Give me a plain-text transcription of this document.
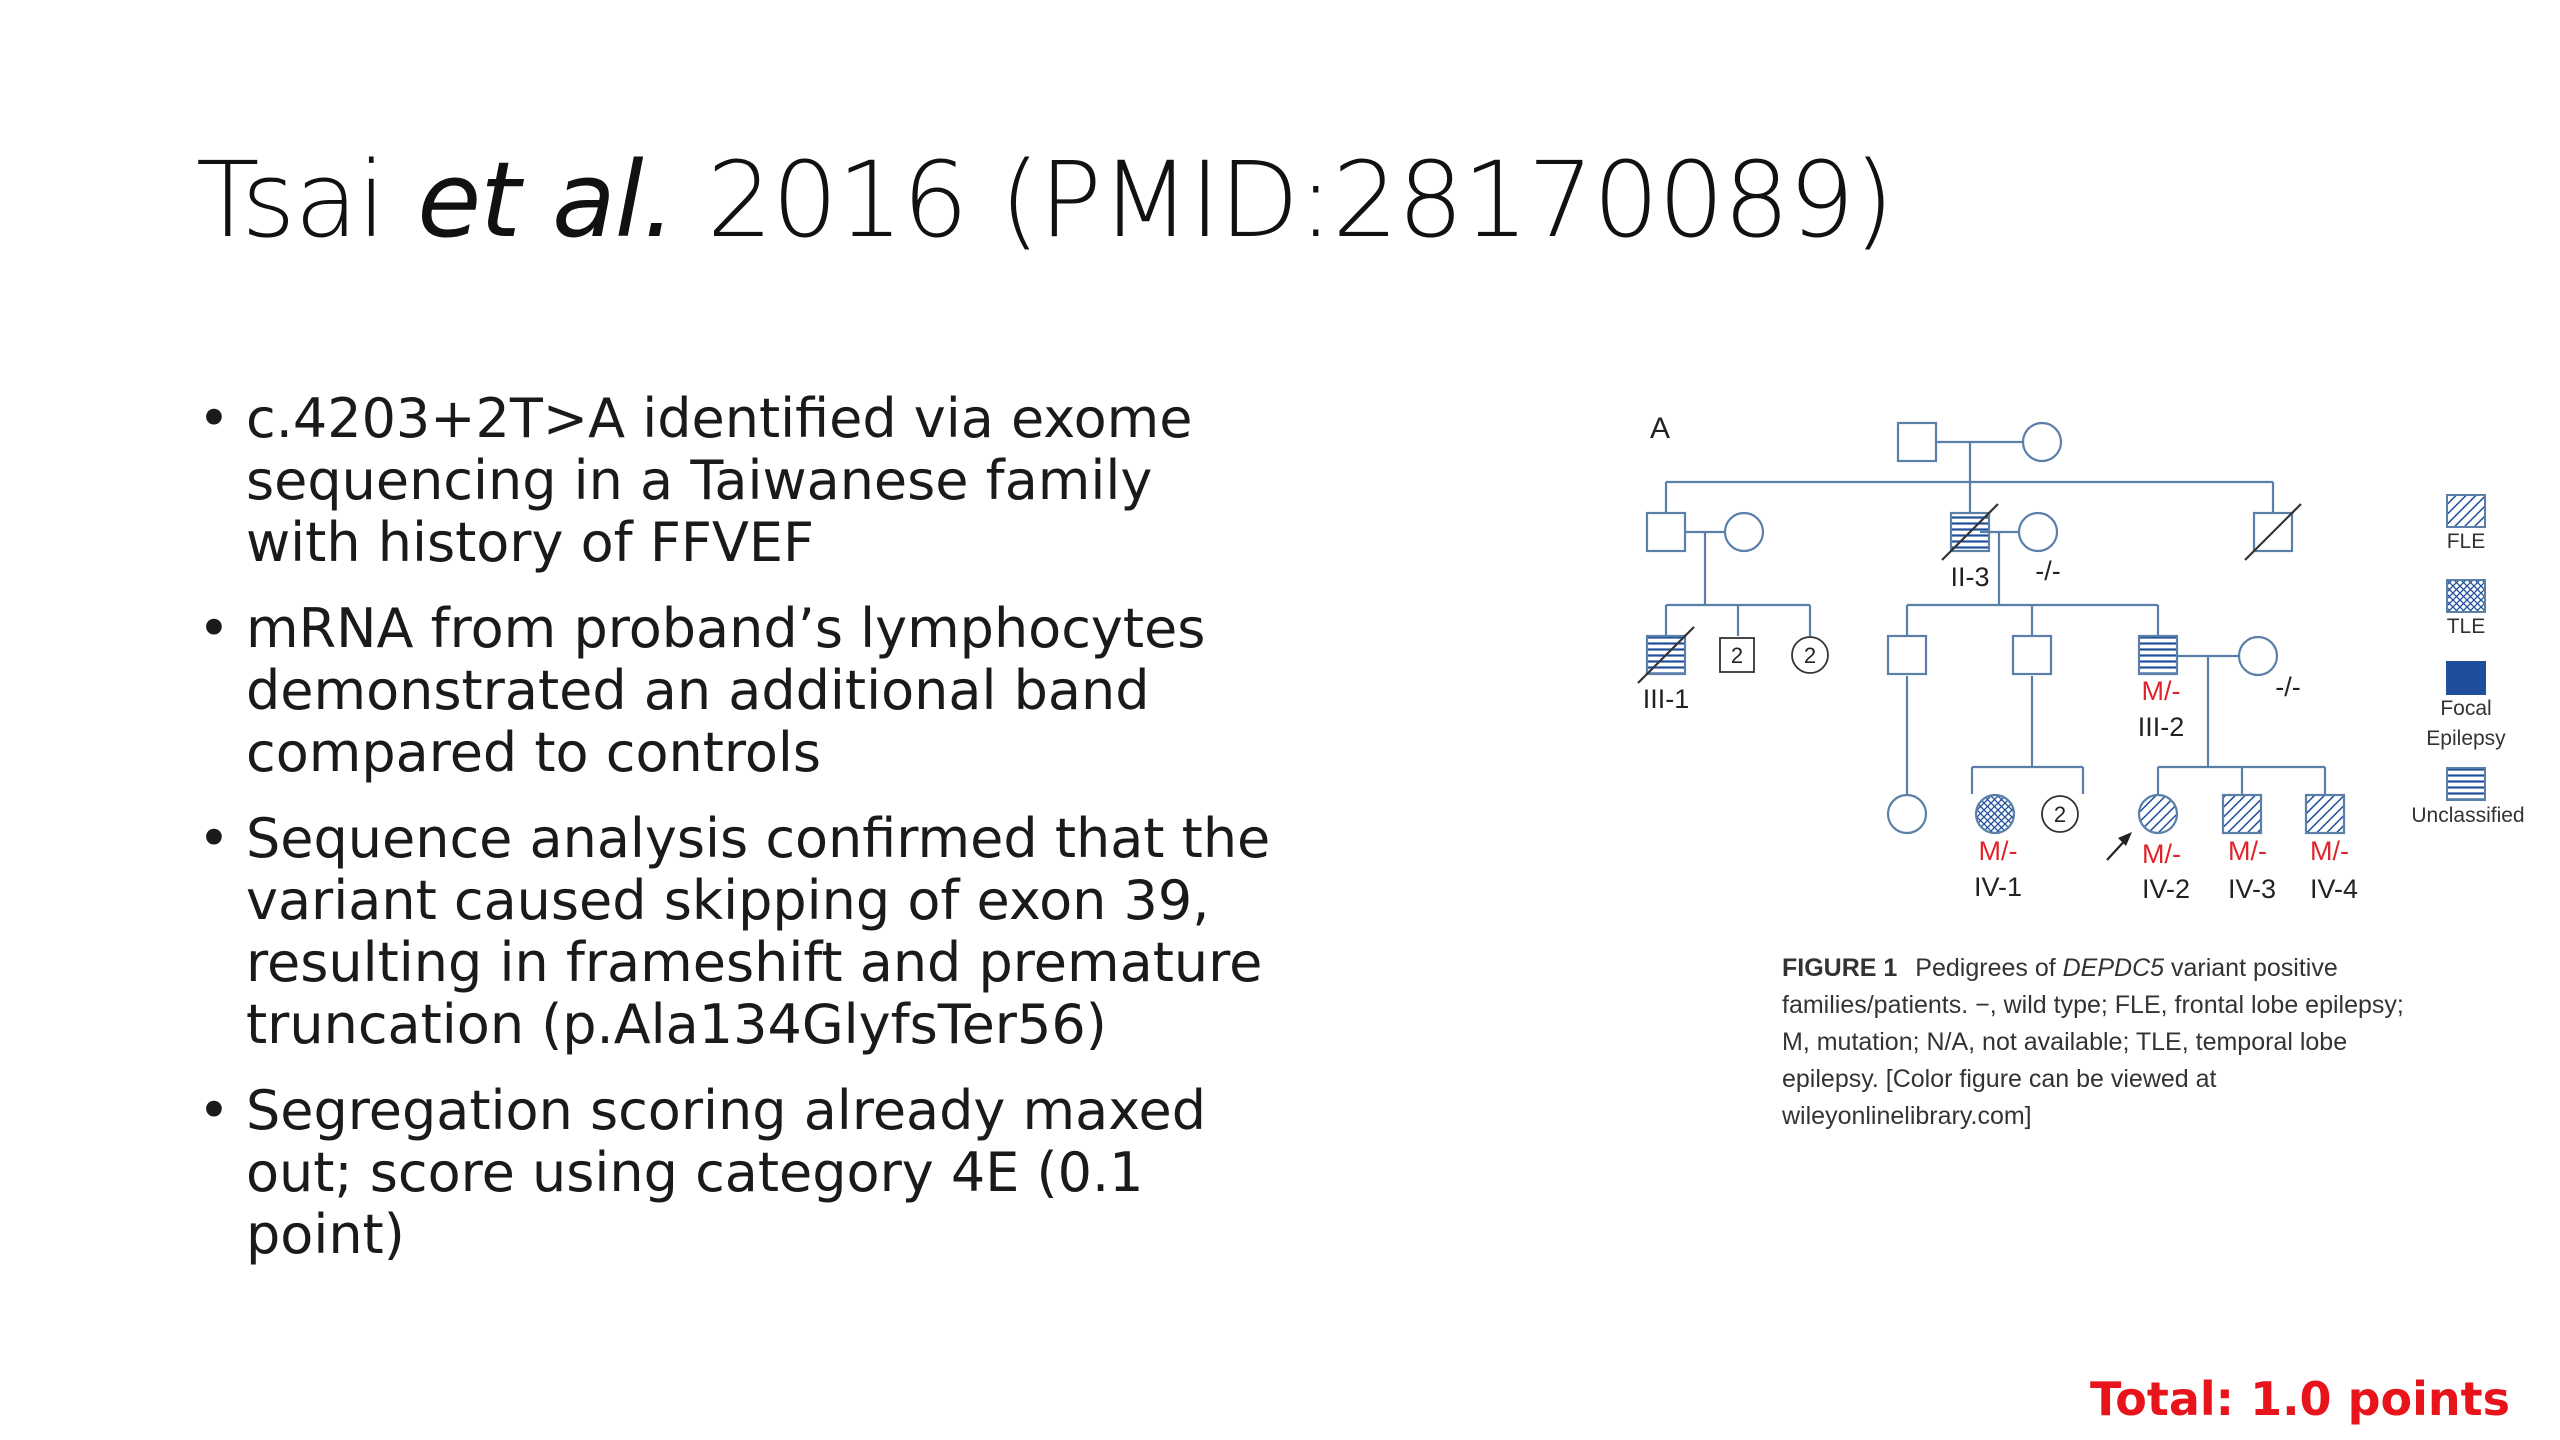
Tsai et al. 2016 (PMID:28170089)
• c.4203+2T>A identified via exome sequencing in a Taiwanese family with history of FFVEF
• mRNA from proband’s lymphocytes demonstrated an additional band compared to controls
• Sequence analysis confirmed that the variant caused skipping of exon 39, resulting in frameshift and premature truncation (p.Ala134GlyfsTer56)
• Segregation scoring already maxed out; score using category 4E (0.1 point)
2	2
2
A
II-3 -/-
III-1	M/-
III-2
-/-
M/-
IV-1
M/-
IV-2
M/-
IV-3
M/-
IV-4
FLE
TLE
Focal
Epilepsy
Unclassified
FIGURE 1 Pedigrees of DEPDC5 variant positive families/patients. −, wild type; FLE, frontal lobe epilepsy; M, mutation; N/A, not available; TLE, temporal lobe epilepsy. [Color figure can be viewed at wileyonlinelibrary.com]
Total: 1.0 points
